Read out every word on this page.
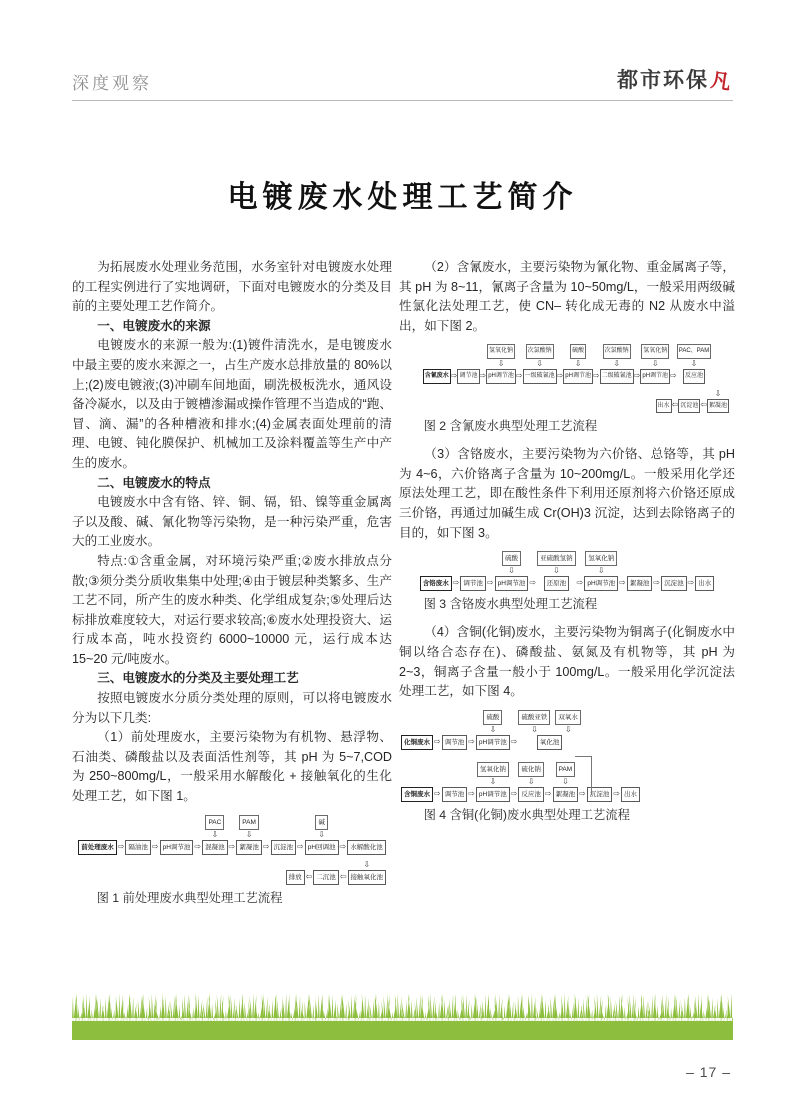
深度观察	都市环保 凡
电镀废水处理工艺简介

为拓展废水处理业务范围，水务室针对电镀废水处理的工程实例进行了实地调研，下面对电镀废水的分类及目前的主要处理工艺作简介。

一、电镀废水的来源

电镀废水的来源一般为:(1)镀件清洗水，是电镀废水中最主要的废水来源之一，占生产废水总排放量的 80%以上;(2)废电镀液;(3)冲刷车间地面，刷洗极板洗水，通风设备冷凝水，以及由于镀槽渗漏或操作管理不当造成的“跑、冒、滴、漏”的各种槽液和排水;(4)金属表面处理前的清理、电镀、钝化膜保护、机械加工及涂料覆盖等生产中产生的废水。

二、电镀废水的特点

电镀废水中含有铬、锌、铜、镉，铅、镍等重金属离子以及酸、碱、氰化物等污染物，是一种污染严重，危害大的工业废水。

特点:①含重金属，对环境污染严重;②废水排放点分散;③须分类分质收集集中处理;④由于镀层种类繁多、生产工艺不同，所产生的废水种类、化学组成复杂;⑤处理后达标排放难度较大，对运行要求较高;⑥废水处理投资大、运行成本高，吨水投资约 6000~10000 元，运行成本达 15~20 元/吨废水。

三、电镀废水的分类及主要处理工艺

按照电镀废水分质分类处理的原则，可以将电镀废水分为以下几类:

（1）前处理废水，主要污染物为有机物、悬浮物、石油类、磷酸盐以及表面活性剂等，其 pH 为 5~7,COD 为 250~800mg/L，一般采用水解酸化 + 接触氧化的生化处理工艺，如下图 1。

前处理废水 ⇨ 隔油池 ⇨ pH调节池 ⇨
PAC
⇩
混凝池 ⇨
PAM
⇩
絮凝池 ⇨ 沉淀池 ⇨
碱
⇩
pH回调池 ⇨ 水解酸化池
排放 ⇦ 二沉池 ⇦
⇩
接触氧化池
图 1 前处理废水典型处理工艺流程

（2）含氰废水，主要污染物为氰化物、重金属离子等，其 pH 为 8~11，氰离子含量为 10~50mg/L，一般采用两级碱性氯化法处理工艺，使 CN– 转化成无毒的 N2 从废水中溢出，如下图 2。

含氰废水 ⇨ 调节池 ⇨
氢氧化钠
⇩
pH调节池 ⇨
次氯酸钠
⇩
一级破氰池 ⇨
硫酸
⇩
pH调节池 ⇨
次氯酸钠
⇩
二级破氰池 ⇨
氢氧化钠
⇩
pH调节池 ⇨
PAC、PAM
⇩
反应池
出水 ⇦ 沉淀池 ⇦
⇩
絮凝池
图 2 含氰废水典型处理工艺流程

（3）含铬废水，主要污染物为六价铬、总铬等，其 pH 为 4~6，六价铬离子含量为 10~200mg/L。一般采用化学还原法处理工艺，即在酸性条件下利用还原剂将六价铬还原成三价铬，再通过加碱生成 Cr(OH)3 沉淀，达到去除铬离子的目的，如下图 3。

含铬废水 ⇨ 调节池 ⇨
硫酸
⇩
pH调节池 ⇨
亚硫酸氢钠
⇩
还原池	⇨
氢氧化钠
⇩
pH调节池 ⇨ 絮凝池 ⇨ 沉淀池 ⇨ 出水
图 3 含铬废水典型处理工艺流程

（4）含铜(化铜)废水，主要污染物为铜离子(化铜废水中铜以络合态存在)、磷酸盐、氨氮及有机物等，其 pH 为 2~3，铜离子含量一般小于 100mg/L。一般采用化学沉淀法处理工艺，如下图 4。

化铜废水 ⇨ 调节池 ⇨
硫酸
⇩
pH调节池 ⇨
硫酸亚铁
⇩
双氧水
⇩
氧化池
含铜废水 ⇨ 调节池 ⇨
氢氧化钠
⇩
pH调节池 ⇨
硫化钠
⇩
反应池 ⇨
PAM
⇩
絮凝池 ⇨ 沉淀池 ⇨ 出水
图 4 含铜(化铜)废水典型处理工艺流程
– 17 –
